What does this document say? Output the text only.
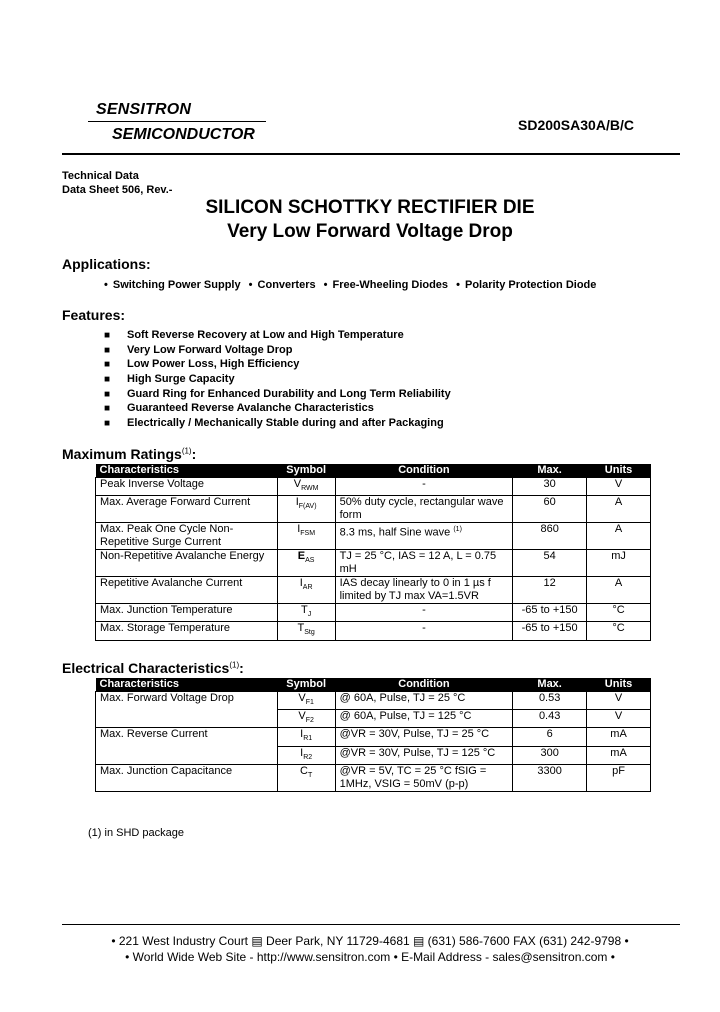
SENSITRON
SEMICONDUCTOR
SD200SA30A/B/C
Technical Data
Data Sheet 506, Rev.-
SILICON SCHOTTKY RECTIFIER DIE
Very Low Forward Voltage Drop
Applications:
• Switching Power Supply • Converters • Free-Wheeling Diodes • Polarity Protection Diode
Features:
■ Soft Reverse Recovery at Low and High Temperature
■ Very Low Forward Voltage Drop
■ Low Power Loss, High Efficiency
■ High Surge Capacity
■ Guard Ring for Enhanced Durability and Long Term Reliability
■ Guaranteed Reverse Avalanche Characteristics
■ Electrically / Mechanically Stable during and after Packaging
Maximum Ratings$^{(1)}$:
Characteristics	Symbol	Condition	Max.	Units
Peak Inverse Voltage	$V_{RWM}$	-	30	V
Max. Average Forward Current	$I_{F(AV)}$	50% duty cycle, rectangular wave form	60	A
Max. Peak One Cycle Non-Repetitive Surge Current	$I_{FSM}$	8.3 ms, half Sine wave $^{(1)}$	860	A
Non-Repetitive Avalanche Energy	$E_{AS}$	TJ = 25 °C, IAS = 12 A, L = 0.75 mH	54	mJ
Repetitive Avalanche Current	$I_{AR}$	IAS decay linearly to 0 in 1 µs f limited by TJ max VA=1.5VR	12	A
Max. Junction Temperature	$T_J$	-	-65 to +150	°C
Max. Storage Temperature	$T_{Stg}$	-	-65 to +150	°C
Electrical Characteristics$^{(1)}$:
Characteristics	Symbol	Condition	Max.	Units
Max. Forward Voltage Drop	$V_{F1}$	@ 60A, Pulse, TJ = 25 °C	0.53	V
	$V_{F2}$	@ 60A, Pulse, TJ = 125 °C	0.43	V
Max. Reverse Current	$I_{R1}$	@VR = 30V, Pulse, TJ = 25 °C	6	mA
	$I_{R2}$	@VR = 30V, Pulse, TJ = 125 °C	300	mA
Max. Junction Capacitance	$C_T$	@VR = 5V, TC = 25 °C fSIG = 1MHz, VSIG = 50mV (p-p)	3300	pF
(1) in SHD package
• 221 West Industry Court ▤ Deer Park, NY 11729-4681 ▤ (631) 586-7600 FAX (631) 242-9798 •
• World Wide Web Site - http://www.sensitron.com • E-Mail Address - sales@sensitron.com •
